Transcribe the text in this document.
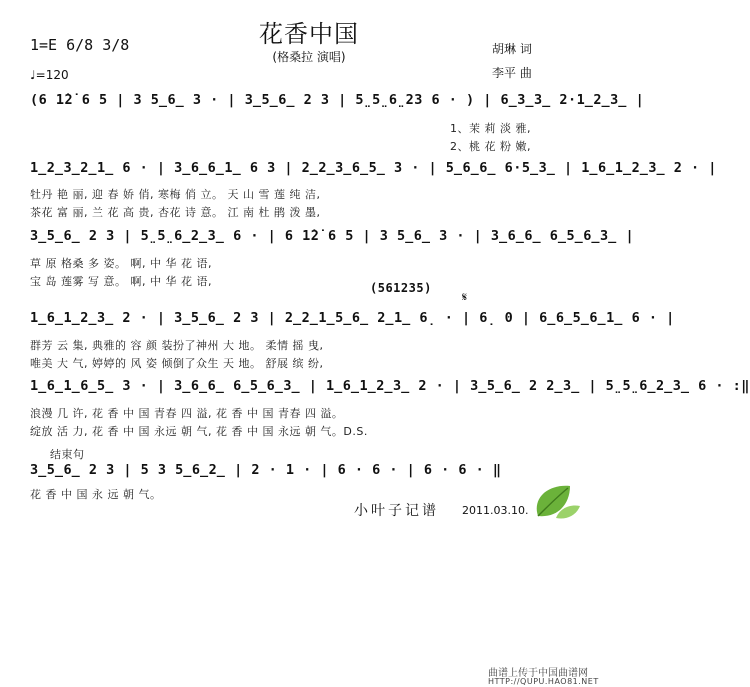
花香中国
(格桑拉 演唱)
1=E 6/8 3/8
♩=120
胡琳 词
李平 曲
(6 1̇2̇ 6 5 | 3 5̲6̲ 3 · | 3̲5̲6̲ 2 3 | 5̤5̤6̤23 6 · ) | 6̲3̲3̲ 2·1̲2̲3̲ |
1、茉 莉 淡 雅,
2、桃 花 粉 嫩,
1̲2̲3̲2̲1̲ 6 · | 3̲6̲6̲1̲ 6 3 | 2̲2̲3̲6̲5̲ 3 · | 5̲6̲6̲ 6·5̲3̲ | 1̲6̲1̲2̲3̲ 2 · |
牡丹 艳 丽, 迎 春 娇 俏, 寒梅 俏 立。 天 山 雪 莲 纯 洁,
茶花 富 丽, 兰 花 高 贵, 杏花 诗 意。 江 南 杜 鹃 泼 墨,
3̲5̲6̲ 2 3 | 5̤5̤6̲2̲3̲ 6 · | 6 1̇2̇ 6 5 | 3 5̲6̲ 3 · | 3̲6̲6̲ 6̲5̲6̲3̲ |
草 原 格桑 多 姿。 啊, 中 华 花 语,
宝 岛 莲雾 写 意。 啊, 中 华 花 语,	(561235)
𝄋
1̲6̲1̲2̲3̲ 2 · | 3̲5̲6̲ 2 3 | 2̲2̲1̲5̲6̲ 2̲1̲ 6̣ · | 6̣ 0 | 6̲6̲5̲6̲1̲ 6 · |
群芳 云 集, 典雅的 容 颜 装扮了神州 大 地。 柔情 摇 曳,
唯美 大 气, 婷婷的 风 姿 倾倒了众生 天 地。 舒展 缤 纷,
1̲6̲1̲6̲5̲ 3 · | 3̲6̲6̲ 6̲5̲6̲3̲ | 1̲6̲1̲2̲3̲ 2 · | 3̲5̲6̲ 2 2̲3̲ | 5̤5̤6̲2̲3̲ 6 · :‖
浪漫 几 许, 花 香 中 国 青春 四 溢, 花 香 中 国 青春 四 溢。
绽放 活 力, 花 香 中 国 永远 朝 气, 花 香 中 国 永远 朝 气。D.S.
结束句
3̲5̲6̲ 2 3 | 5 3 5̲6̲2̲ | 2 · 1 · | 6 · 6 · | 6 · 6 · ‖
花 香 中 国 永 远 朝 气。
小叶子记谱 2011.03.10.
曲谱上传于中国曲谱网
HTTP://QUPU.HAO81.NET
